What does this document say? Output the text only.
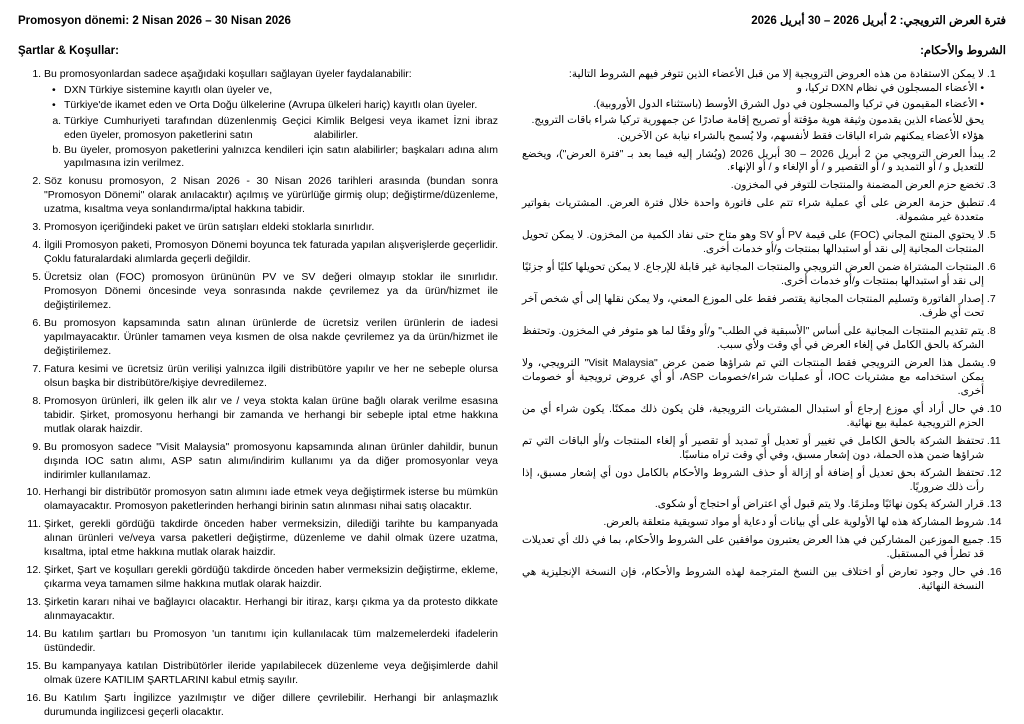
Promosyon dönemi: 2 Nisan 2026 – 30 Nisan 2026
Şartlar & Koşullar:
1. Bu promosyonlardan sadece aşağıdaki koşulları sağlayan üyeler faydalanabilir:
• DXN Türkiye sistemine kayıtlı olan üyeler ve,
• Türkiye'de ikamet eden ve Orta Doğu ülkelerine (Avrupa ülkeleri hariç) kayıtlı olan üyeler.
a. Türkiye Cumhuriyeti tarafından düzenlenmiş Geçici Kimlik Belgesi veya ikamet İzni ibraz eden üyeler, promosyon paketlerini satın                     alabilirler.
b. Bu üyeler, promosyon paketlerini yalnızca kendileri için satın alabilirler; başkaları adına alım yapılmasına izin verilmez.
2. Söz konusu promosyon, 2 Nisan 2026 - 30 Nisan 2026 tarihleri arasında (bundan sonra "Promosyon Dönemi" olarak anılacaktır) açılmış ve yürürlüğe girmiş olup; değiştirme/düzenleme, uzatma, kısaltma veya sonlandırma/iptal hakkına tabidir.
3. Promosyon içeriğindeki paket ve ürün satışları eldeki stoklarla sınırlıdır.
4. İlgili Promosyon paketi, Promosyon Dönemi boyunca tek faturada yapılan alışverişlerde geçerlidir. Çoklu faturalardaki alımlarda geçerli değildir.
5. Ücretsiz olan (FOC) promosyon ürününün PV ve SV değeri olmayıp stoklar ile sınırlıdır. Promosyon Dönemi öncesinde veya sonrasında nakde çevrilemez ya da ürün/hizmet ile değiştirilemez.
6. Bu promosyon kapsamında satın alınan ürünlerde de ücretsiz verilen ürünlerin de iadesi yapılmayacaktır. Ürünler tamamen veya kısmen de olsa nakde çevrilemez ya da ürün/hizmet ile değiştirilemez.
7. Fatura kesimi ve ücretsiz ürün verilişi yalnızca ilgili distribütöre yapılır ve her ne sebeple olursa olsun başka bir distribütöre/kişiye devredilemez.
8. Promosyon ürünleri, ilk gelen ilk alır ve / veya stokta kalan ürüne bağlı olarak verilme esasına tabidir. Şirket, promosyonu herhangi bir zamanda ve herhangi bir sebeple iptal etme hakkına mutlak olarak haizdir.
9. Bu promosyon sadece "Visit Malaysia" promosyonu kapsamında alınan ürünler dahildir, bunun dışında IOC satın alımı, ASP satın alımı/indirim kullanımı ya da diğer promosyonlar veya indirimler kullanılamaz.
10. Herhangi bir distribütör promosyon satın alımını iade etmek veya değiştirmek isterse bu mümkün olamayacaktır. Promosyon paketlerinden herhangi birinin satın alınması nihai satış olacaktır.
11. Şirket, gerekli gördüğü takdirde önceden haber vermeksizin, dilediği tarihte bu kampanyada alınan ürünleri ve/veya varsa paketleri değiştirme, düzenleme ve dahil olmak üzere uzatma, kısaltma, iptal etme hakkına mutlak olarak haizdir.
12. Şirket, Şart ve koşulları gerekli gördüğü takdirde önceden haber vermeksizin değiştirme, ekleme, çıkarma veya tamamen silme hakkına mutlak olarak haizdir.
13. Şirketin kararı nihai ve bağlayıcı olacaktır. Herhangi bir itiraz, karşı çıkma ya da protesto dikkate alınmayacaktır.
14. Bu katılım şartları bu Promosyon 'un tanıtımı için kullanılacak tüm malzemelerdeki ifadelerin üstündedir.
15. Bu kampanyaya katılan Distribütörler ileride yapılabilecek düzenleme veya değişimlerde dahil olmak üzere KATILIM ŞARTLARINI kabul etmiş sayılır.
16. Bu Katılım Şartı İngilizce yazılmıştır ve diğer dillere çevrilebilir. Herhangi bir anlaşmazlık durumunda ingilizcesi geçerli olacaktır.
فترة العرض الترويجي: 2 أبريل 2026 – 30 أبريل 2026
الشروط والأحكام:
1. لا يمكن الاستفادة من هذه العروض الترويجية إلا من قبل الأعضاء الذين تتوفر فيهم الشروط التالية:

• الأعضاء المسجلون في نظام DXN تركيا، و

• الأعضاء المقيمون في تركيا والمسجلون في دول الشرق الأوسط (باستثناء الدول الأوروبية).

يحق للأعضاء الذين يقدمون وثيقة هوية مؤقتة أو تصريح إقامة صادرًا عن جمهورية تركيا شراء باقات الترويج.

هؤلاء الأعضاء يمكنهم شراء الباقات فقط لأنفسهم، ولا يُسمح بالشراء نيابة عن الآخرين.

2. يبدأ العرض الترويجي من 2 أبريل 2026 – 30 أبريل 2026 (ويُشار إليه فيما بعد بـ "فترة العرض")، ويخضع للتعديل و / أو التمديد و / أو التقصير و / أو الإلغاء و / أو الإنهاء.
3. تخضع حزم العرض المضمنة والمنتجات للتوفر في المخزون.
4. تنطبق حزمة العرض على أي عملية شراء تتم على فاتورة واحدة خلال فترة العرض. المشتريات بفواتير متعددة غير مشمولة.
5. لا يحتوي المنتج المجاني (FOC) على قيمة PV أو SV وهو متاح حتى نفاد الكمية من المخزون. لا يمكن تحويل المنتجات المجانية إلى نقد أو استبدالها بمنتجات و/أو خدمات أخرى.
6. المنتجات المشتراة ضمن العرض الترويجي والمنتجات المجانية غير قابلة للإرجاع. لا يمكن تحويلها كليًا أو جزئيًا إلى نقد أو استبدالها بمنتجات و/أو خدمات أخرى.
7. إصدار الفاتورة وتسليم المنتجات المجانية يقتصر فقط على الموزع المعني، ولا يمكن نقلها إلى أي شخص آخر تحت أي ظرف.
8. يتم تقديم المنتجات المجانية على أساس "الأسبقية في الطلب" و/أو وفقًا لما هو متوفر في المخزون. وتحتفظ الشركة بالحق الكامل في إلغاء العرض في أي وقت ولأي سبب.
9. يشمل هذا العرض الترويجي فقط المنتجات التي تم شراؤها ضمن عرض "Visit Malaysia" الترويجي، ولا يمكن استخدامه مع مشتريات IOC، أو عمليات شراء/خصومات ASP، أو أي عروض ترويجية أو خصومات أخرى.
10. في حال أراد أي موزع إرجاع أو استبدال المشتريات الترويجية، فلن يكون ذلك ممكنًا. يكون شراء أي من الحزم الترويجية عملية بيع نهائية.
11. تحتفظ الشركة بالحق الكامل في تغيير أو تعديل أو تمديد أو تقصير أو إلغاء المنتجات و/أو الباقات التي تم شراؤها ضمن هذه الحملة، دون إشعار مسبق، وفي أي وقت تراه مناسبًا.
12. تحتفظ الشركة بحق تعديل أو إضافة أو إزالة أو حذف الشروط والأحكام بالكامل دون أي إشعار مسبق، إذا رأت ذلك ضروريًا.
13. قرار الشركة يكون نهائيًا وملزمًا. ولا يتم قبول أي اعتراض أو احتجاج أو شكوى.
14. شروط المشاركة هذه لها الأولوية على أي بيانات أو دعاية أو مواد تسويقية متعلقة بالعرض.
15. جميع الموزعين المشاركين في هذا العرض يعتبرون موافقين على الشروط والأحكام، بما في ذلك أي تعديلات قد تطرأ في المستقبل.
16. في حال وجود تعارض أو اختلاف بين النسخ المترجمة لهذه الشروط والأحكام، فإن النسخة الإنجليزية هي النسخة النهائية.
